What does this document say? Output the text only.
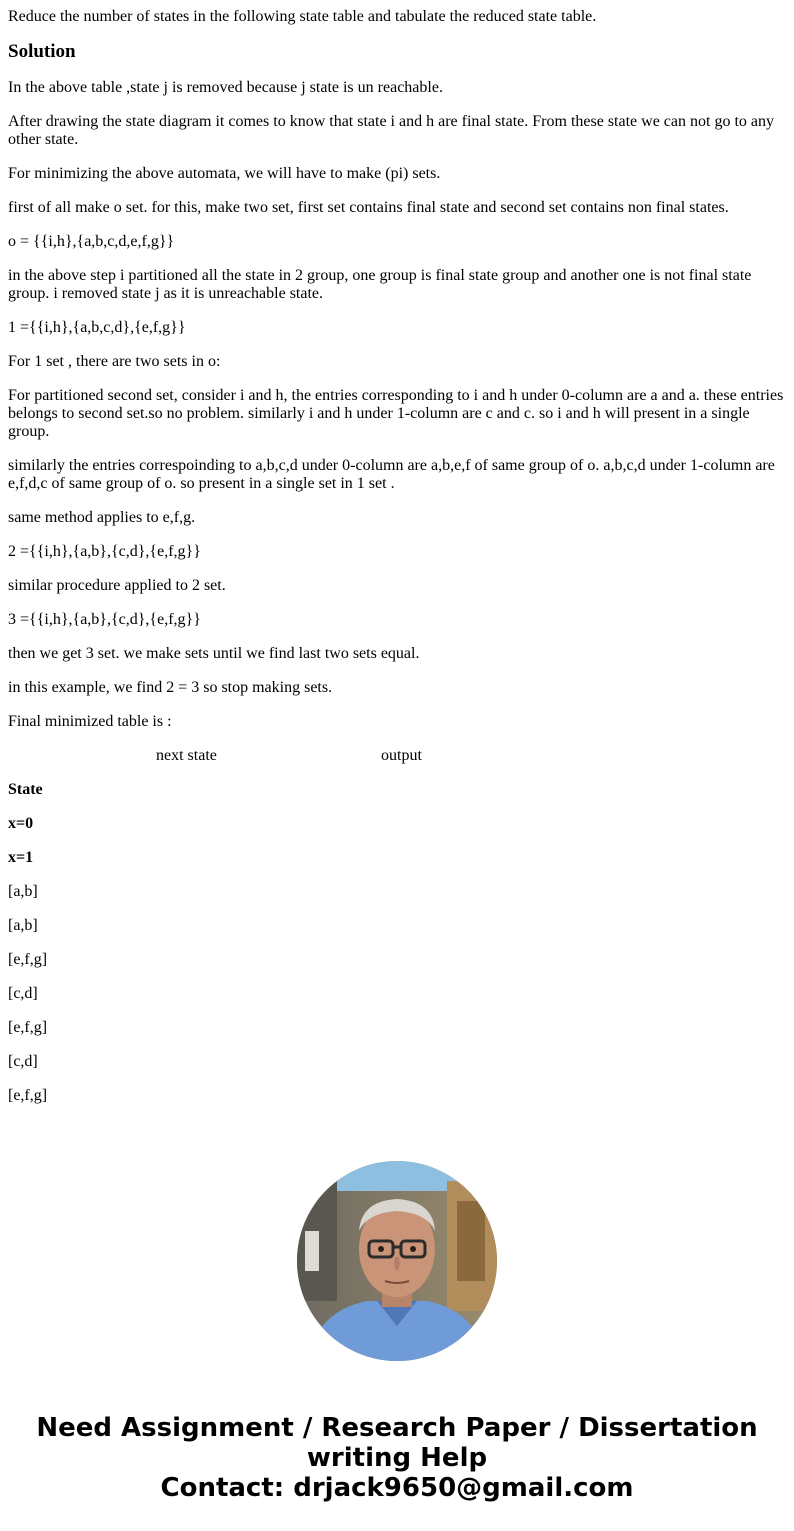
Reduce the number of states in the following state table and tabulate the reduced state table.

Solution

In the above table ,state j is removed because j state is un reachable.

After drawing the state diagram it comes to know that state i and h are final state. From these state we can not go to any other state.

For minimizing the above automata, we will have to make (pi) sets.

first of all make o set. for this, make two set, first set contains final state and second set contains non final states.

o = {{i,h},{a,b,c,d,e,f,g}}

in the above step i partitioned all the state in 2 group, one group is final state group and another one is not final state group. i removed state j as it is unreachable state.

1 ={{i,h},{a,b,c,d},{e,f,g}}

For 1 set , there are two sets in o:

For partitioned second set, consider i and h, the entries corresponding to i and h under 0-column are a and a. these entries belongs to second set.so no problem. similarly i and h under 1-column are c and c. so i and h will present in a single group.

similarly the entries correspoinding to a,b,c,d under 0-column are a,b,e,f of same group of o. a,b,c,d under 1-column are e,f,d,c of same group of o. so present in a single set in 1 set .

same method applies to e,f,g.

2 ={{i,h},{a,b},{c,d},{e,f,g}}

similar procedure applied to 2 set.

3 ={{i,h},{a,b},{c,d},{e,f,g}}

then we get 3 set. we make sets until we find last two sets equal.

in this example, we find 2 = 3 so stop making sets.

Final minimized table is :

next state	output

State

x=0

x=1

[a,b]

[a,b]

[e,f,g]

[c,d]

[e,f,g]

[c,d]

[e,f,g]

Need Assignment / Research Paper / Dissertation
writing Help
Contact: drjack9650@gmail.com
